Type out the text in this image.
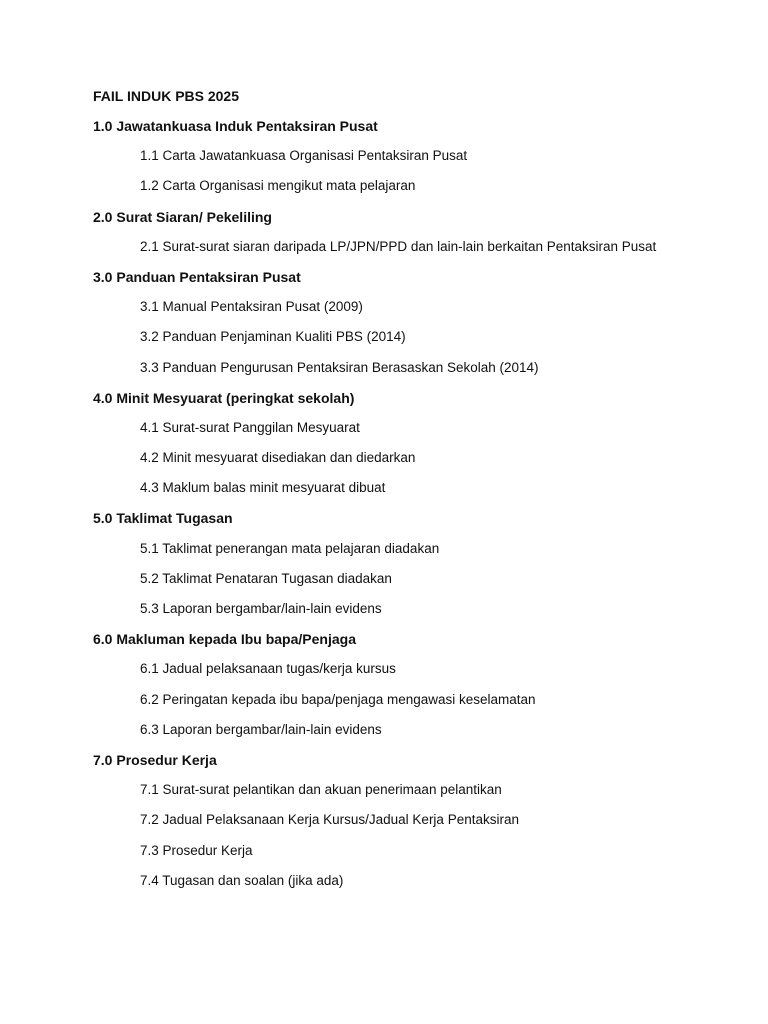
FAIL INDUK PBS 2025
1.0 Jawatankuasa Induk Pentaksiran Pusat
1.1 Carta Jawatankuasa Organisasi Pentaksiran Pusat
1.2 Carta Organisasi mengikut mata pelajaran
2.0 Surat Siaran/ Pekeliling
2.1 Surat-surat siaran daripada LP/JPN/PPD dan lain-lain berkaitan Pentaksiran Pusat
3.0 Panduan Pentaksiran Pusat
3.1 Manual Pentaksiran Pusat (2009)
3.2 Panduan Penjaminan Kualiti PBS (2014)
3.3 Panduan Pengurusan Pentaksiran Berasaskan Sekolah (2014)
4.0 Minit Mesyuarat (peringkat sekolah)
4.1 Surat-surat Panggilan Mesyuarat
4.2 Minit mesyuarat disediakan dan diedarkan
4.3 Maklum balas minit mesyuarat dibuat
5.0 Taklimat Tugasan
5.1 Taklimat penerangan mata pelajaran diadakan
5.2 Taklimat Penataran Tugasan diadakan
5.3 Laporan bergambar/lain-lain evidens
6.0 Makluman kepada Ibu bapa/Penjaga
6.1 Jadual pelaksanaan tugas/kerja kursus
6.2 Peringatan kepada ibu bapa/penjaga mengawasi keselamatan
6.3 Laporan bergambar/lain-lain evidens
7.0 Prosedur Kerja
7.1 Surat-surat pelantikan dan akuan penerimaan pelantikan
7.2 Jadual Pelaksanaan Kerja Kursus/Jadual Kerja Pentaksiran
7.3 Prosedur Kerja
7.4 Tugasan dan soalan (jika ada)
